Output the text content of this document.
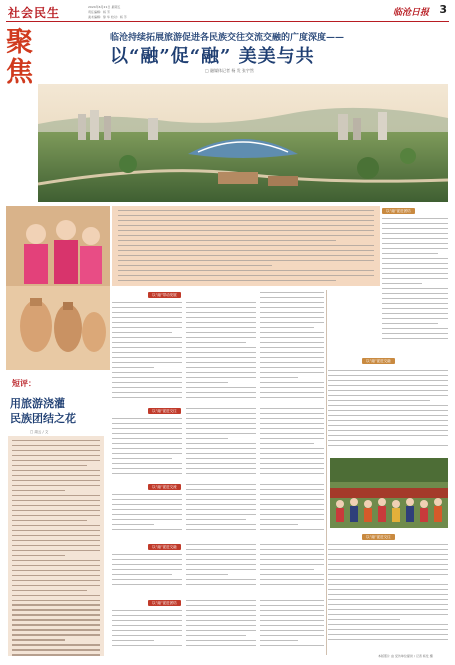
社会民生	2024年6月21日 星期五
责任编辑：杨 芳
美术编辑：徐 华 校对：杨 芳	临沧日报 3
聚
焦
临沧持续拓展旅游促进各民族交往交流交融的广度深度——
以“融”促“融” 美美与共
□ 融媒体记者 杨 发 张宇然
短评：
用旅游浇灌
民族团结之花
□ 周云 / 文
以“融”促进团结
以“融”带动发展
以“融”促进交融
以“融”促进交往
以“融”促进交流
以“融”促进交往
以“融”促进交融
以“融”促进团结
本版照片 由 受访单位提供 / 记者 杨发 摄
